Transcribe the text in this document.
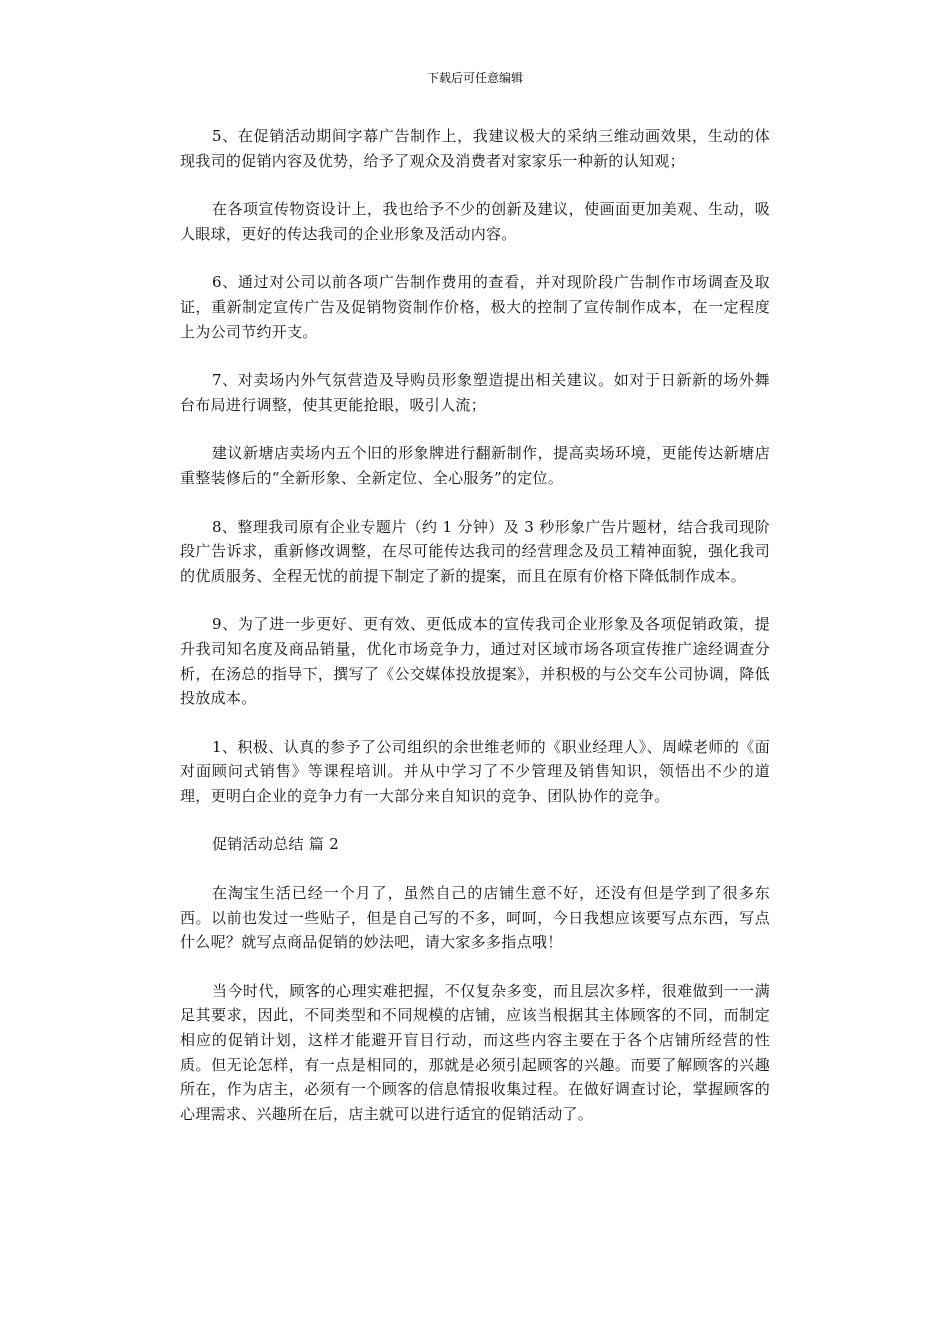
下载后可任意编辑

5、在促销活动期间字幕广告制作上，我建议极大的采纳三维动画效果，生动的体现我司的促销内容及优势，给予了观众及消费者对家家乐一种新的认知观；

在各项宣传物资设计上，我也给予不少的创新及建议，使画面更加美观、生动，吸人眼球，更好的传达我司的企业形象及活动内容。

6、通过对公司以前各项广告制作费用的查看，并对现阶段广告制作市场调查及取证，重新制定宣传广告及促销物资制作价格，极大的控制了宣传制作成本，在一定程度上为公司节约开支。

7、对卖场内外气氛营造及导购员形象塑造提出相关建议。如对于日新新的场外舞台布局进行调整，使其更能抢眼，吸引人流；

建议新塘店卖场内五个旧的形象牌进行翻新制作，提高卖场环境，更能传达新塘店重整装修后的“全新形象、全新定位、全心服务”的定位。

8、整理我司原有企业专题片（约 1 分钟）及 3 秒形象广告片题材，结合我司现阶段广告诉求，重新修改调整，在尽可能传达我司的经营理念及员工精神面貌，强化我司的优质服务、全程无忧的前提下制定了新的提案，而且在原有价格下降低制作成本。

9、为了进一步更好、更有效、更低成本的宣传我司企业形象及各项促销政策，提升我司知名度及商品销量，优化市场竞争力，通过对区域市场各项宣传推广途经调查分析，在汤总的指导下，撰写了《公交媒体投放提案》，并积极的与公交车公司协调，降低投放成本。

1、积极、认真的参予了公司组织的余世维老师的《职业经理人》、周嵘老师的《面对面顾问式销售》等课程培训。并从中学习了不少管理及销售知识，领悟出不少的道理，更明白企业的竞争力有一大部分来自知识的竞争、团队协作的竞争。

促销活动总结 篇 2

在淘宝生活已经一个月了，虽然自己的店铺生意不好，还没有但是学到了很多东西。以前也发过一些贴子，但是自己写的不多，呵呵，今日我想应该要写点东西，写点什么呢？就写点商品促销的妙法吧，请大家多多指点哦！

当今时代，顾客的心理实难把握，不仅复杂多变，而且层次多样，很难做到一一满足其要求，因此，不同类型和不同规模的店铺，应该当根据其主体顾客的不同，而制定相应的促销计划，这样才能避开盲目行动，而这些内容主要在于各个店铺所经营的性质。但无论怎样，有一点是相同的，那就是必须引起顾客的兴趣。而要了解顾客的兴趣所在，作为店主，必须有一个顾客的信息情报收集过程。在做好调查讨论，掌握顾客的心理需求、兴趣所在后，店主就可以进行适宜的促销活动了。
